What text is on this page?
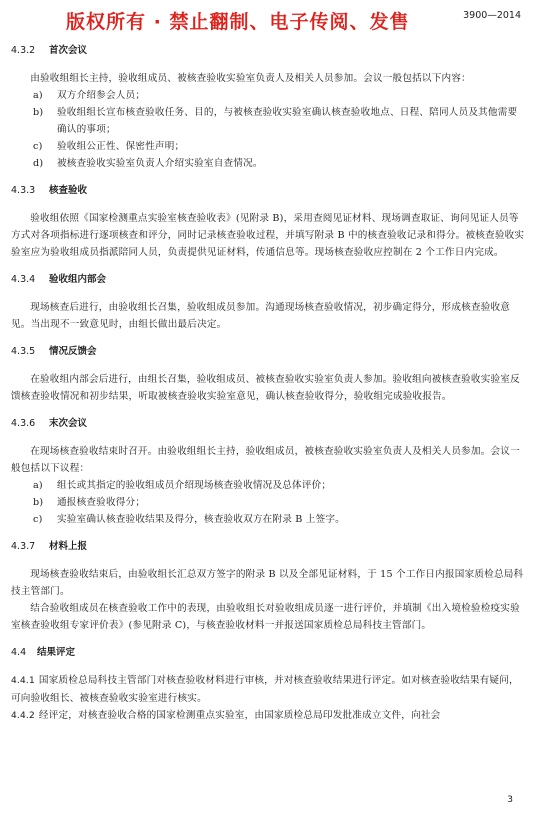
版权所有 · 禁止翻制、电子传阅、发售	3900—2014
4.3.2 首次会议

由验收组组长主持，验收组成员、被核查验收实验室负责人及相关人员参加。会议一般包括以下内容：

a) 双方介绍参会人员；

b) 验收组组长宣布核查验收任务、目的，与被核查验收实验室确认核查验收地点、日程、陪同人员及其他需要确认的事项；

c) 验收组公正性、保密性声明；

d) 被核查验收实验室负责人介绍实验室自查情况。

4.3.3 核查验收

验收组依照《国家检测重点实验室核查验收表》(见附录 B)，采用查阅见证材料、现场调查取证、询问见证人员等方式对各项指标进行逐项核查和评分，同时记录核查验收过程，并填写附录 B 中的核查验收记录和得分。被核查验收实验室应为验收组成员指派陪同人员，负责提供见证材料，传通信息等。现场核查验收应控制在 2 个工作日内完成。

4.3.4 验收组内部会

现场核查后进行，由验收组长召集，验收组成员参加。沟通现场核查验收情况，初步确定得分，形成核查验收意见。当出现不一致意见时，由组长做出最后决定。

4.3.5 情况反馈会

在验收组内部会后进行，由组长召集，验收组成员、被核查验收实验室负责人参加。验收组向被核查验收实验室反馈核查验收情况和初步结果，听取被核查验收实验室意见，确认核查验收得分，验收组完成验收报告。

4.3.6 末次会议

在现场核查验收结束时召开。由验收组组长主持，验收组成员，被核查验收实验室负责人及相关人员参加。会议一般包括以下议程：

a) 组长或其指定的验收组成员介绍现场核查验收情况及总体评价；

b) 通报核查验收得分；

c) 实验室确认核查验收结果及得分，核查验收双方在附录 B 上签字。

4.3.7 材料上报

现场核查验收结束后，由验收组长汇总双方签字的附录 B 以及全部见证材料，于 15 个工作日内报国家质检总局科技主管部门。

结合验收组成员在核查验收工作中的表现，由验收组长对验收组成员逐一进行评价，并填制《出入境检验检疫实验室核查验收组专家评价表》(参见附录 C)，与核查验收材料一并报送国家质检总局科技主管部门。

4.4 结果评定

4.4.1 国家质检总局科技主管部门对核查验收材料进行审核，并对核查验收结果进行评定。如对核查验收结果有疑问，可向验收组长、被核查验收实验室进行核实。

4.4.2 经评定，对核查验收合格的国家检测重点实验室，由国家质检总局印发批准成立文件，向社会

3
